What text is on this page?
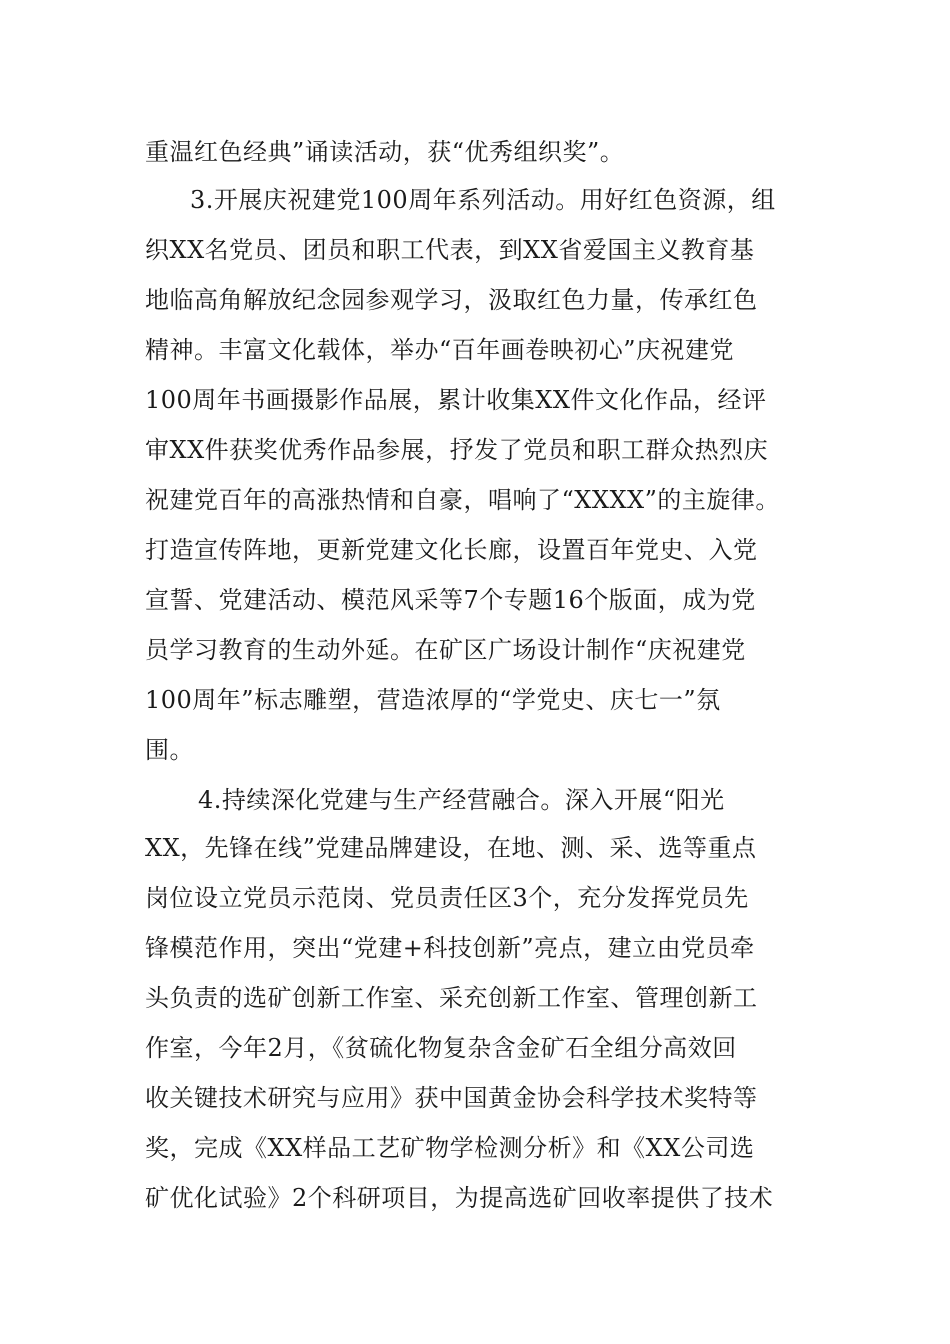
重温红色经典”诵读活动，获“优秀组织奖”。
3.开展庆祝建党100周年系列活动。用好红色资源，组
织XX名党员、团员和职工代表，到XX省爱国主义教育基
地临高角解放纪念园参观学习，汲取红色力量，传承红色
精神。丰富文化载体，举办“百年画卷映初心”庆祝建党
100周年书画摄影作品展，累计收集XX件文化作品，经评
审XX件获奖优秀作品参展，抒发了党员和职工群众热烈庆
祝建党百年的高涨热情和自豪，唱响了“XXXX”的主旋律。
打造宣传阵地，更新党建文化长廊，设置百年党史、入党
宣誓、党建活动、模范风采等7个专题16个版面，成为党
员学习教育的生动外延。在矿区广场设计制作“庆祝建党
100周年”标志雕塑，营造浓厚的“学党史、庆七一”氛
围。
4.持续深化党建与生产经营融合。深入开展“阳光
XX，先锋在线”党建品牌建设，在地、测、采、选等重点
岗位设立党员示范岗、党员责任区3个，充分发挥党员先
锋模范作用，突出“党建+科技创新”亮点，建立由党员牵
头负责的选矿创新工作室、采充创新工作室、管理创新工
作室，今年2月，《贫硫化物复杂含金矿石全组分高效回
收关键技术研究与应用》获中国黄金协会科学技术奖特等
奖，完成《XX样品工艺矿物学检测分析》和《XX公司选
矿优化试验》2个科研项目，为提高选矿回收率提供了技术
